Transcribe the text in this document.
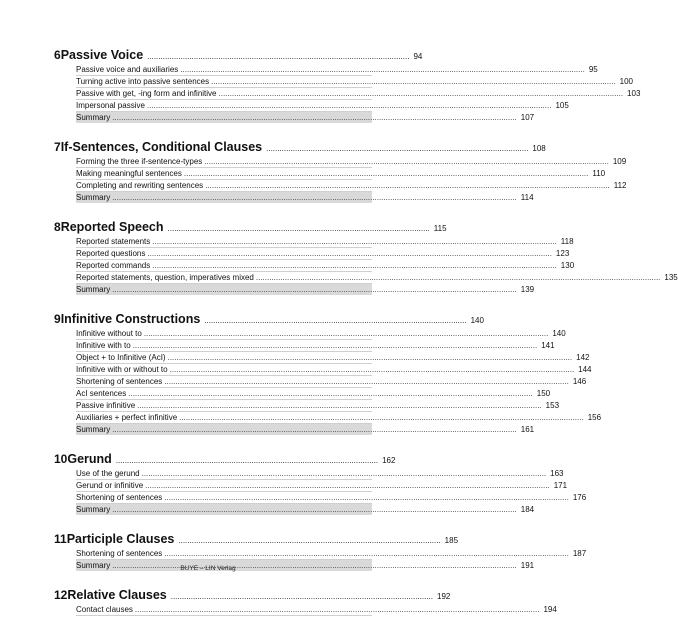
6 Passive Voice ...................................................................................................................... 94
Passive voice and auxiliaries .....	95
Turning active into passive sentences .....	100
Passive with get, -ing form and infinitive .....	103
Impersonal passive .....	105
Summary .....	107
7 If-Sentences, Conditional Clauses ...................................................................................................................... 108
Forming the three if-sentence-types .....	109
Making meaningful sentences .....	110
Completing and rewriting sentences .....	112
Summary .....	114
8 Reported Speech ...................................................................................................................... 115
Reported statements .....	118
Reported questions .....	123
Reported commands .....	130
Reported statements, question, imperatives mixed .....	135
Summary .....	139
9 Infinitive Constructions ...................................................................................................................... 140
Infinitive without to .....	140
Infinitive with to .....	141
Object + to Infinitive (AcI) .....	142
Infinitive with or without to .....	144
Shortening of sentences .....	146
AcI sentences .....	150
Passive infinitive .....	153
Auxiliaries + perfect infinitive .....	156
Summary .....	161
10 Gerund ...................................................................................................................... 162
Use of the gerund .....	163
Gerund or infinitive .....	171
Shortening of sentences .....	176
Summary .....	184
11 Participle Clauses ...................................................................................................................... 185
Shortening of sentences .....	187
Summary .....	191
12 Relative Clauses ...................................................................................................................... 192
Contact clauses .....	194
BUYE – LIN Verlag
